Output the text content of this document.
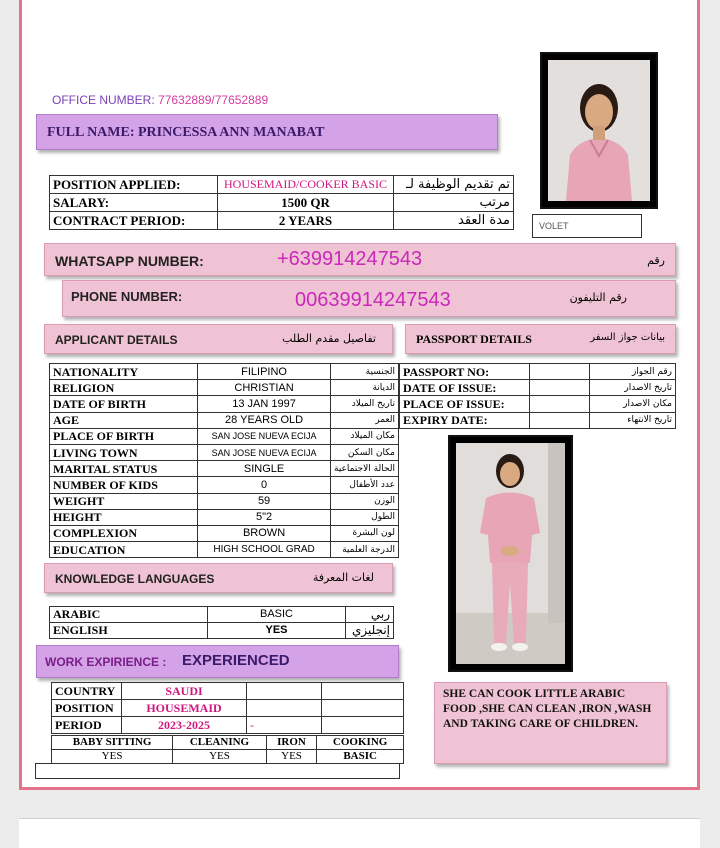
OFFICE NUMBER: 77632889/77652889
FULL NAME: PRINCESSA ANN MANABAT
VOLET
POSITION APPLIED:	HOUSEMAID/COOKER BASIC	تم تقديم الوظيفة لـ
SALARY:	1500 QR	مرتب
CONTRACT PERIOD:	2 YEARS	مدة العقد
WHATSAPP NUMBER:	+639914247543	رقم
PHONE NUMBER:	00639914247543	رقم التليفون
APPLICANT DETAILS	تفاصيل مقدم الطلب	PASSPORT DETAILS	بيانات جواز السفر
NATIONALITY	FILIPINO	الجنسية
RELIGION	CHRISTIAN	الديانة
DATE OF BIRTH	13 JAN 1997	تاريخ الميلاد
AGE	28 YEARS OLD	العمر
PLACE OF BIRTH	SAN JOSE NUEVA ECIJA	مكان الميلاد
LIVING TOWN	SAN JOSE NUEVA ECIJA	مكان السكن
MARITAL STATUS	SINGLE	الحالة الاجتماعية
NUMBER OF KIDS	0	عدد الأطفال
WEIGHT	59	الوزن
HEIGHT	5"2	الطول
COMPLEXION	BROWN	لون البشرة
EDUCATION	HIGH SCHOOL GRAD	الدرجة العلمية
PASSPORT NO:		رقم الجواز
DATE OF ISSUE:		تاريخ الاصدار
PLACE OF ISSUE:		مكان الاصدار
EXPIRY DATE:		تاريخ الانتهاء
KNOWLEDGE LANGUAGES	لغات المعرفة
ARABIC	BASIC	ربي
ENGLISH	YES	إنجليزي
WORK EXPIRIENCE : EXPERIENCED
COUNTRY	SAUDI		
POSITION	HOUSEMAID		
PERIOD	2023-2025	-	
BABY SITTING	CLEANING	IRON	COOKING
YES	YES	YES	BASIC
SHE CAN COOK LITTLE ARABIC FOOD ,SHE CAN CLEAN ,IRON ,WASH AND TAKING CARE OF CHILDREN.
